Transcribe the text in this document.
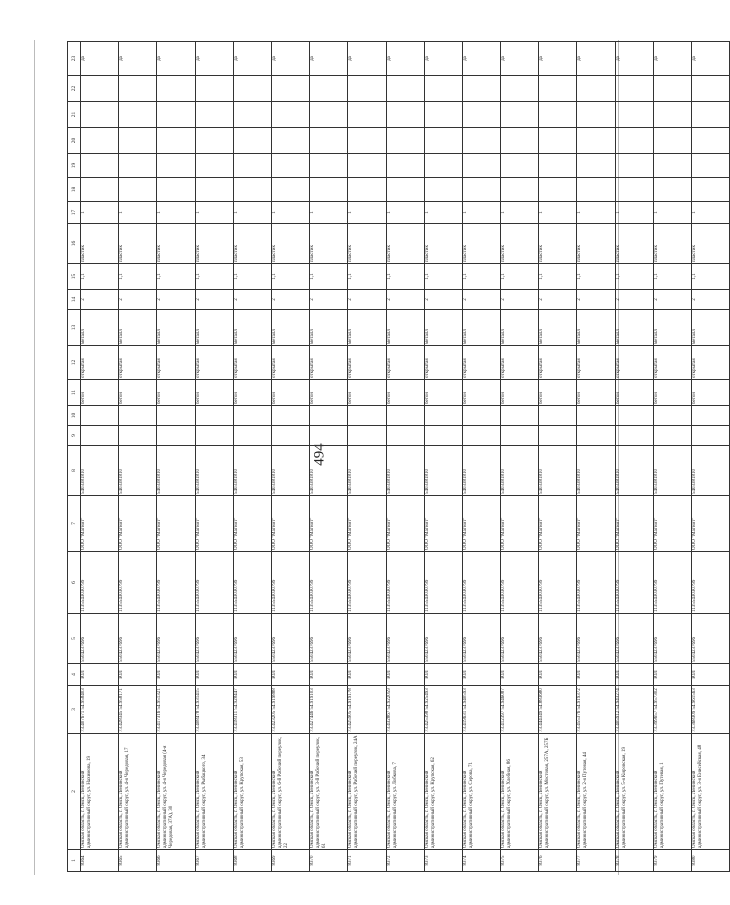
494
1	2	3	4	5	6	7	8	9	10	11	12	13	14	15	16	17	18	19	20	21	22	23
8364	Омская область, г. Омск, Ленинский административный округ, ул. Нахимова, 19	73.407671 54.958403	ЮЛ	5504237696	1135543030799	ООО "Магнит"	5403381810			бетон	открытая	металл	2	1,1	пластик	1						да
8365	Омская область, г. Омск, Ленинский административный округ, ул. 4-я Чередовая, 17	73.428345 54.958171	ЮЛ	5504237696	1135543030799	ООО "Магнит"	5403381810			бетон	открытая	металл	2	1,1	пластик	1						да
8366	Омская область, г. Омск, Ленинский административный округ, ул. 4-я Чередовая (4-я Чередовая, 37A), 30	73.417316 54.951321	ЮЛ	5504237696	1135543030799	ООО "Магнит"	5403381810			бетон	открытая	металл	2	1,1	пластик	1						да
8367	Омская область, г. Омск, Ленинский административный округ, ул. Рыбацкого, 34	73.408478 54.931415	ЮЛ	5504237696	1135543030799	ООО "Магнит"	5403381810			бетон	открытая	металл	2	1,1	пластик	1						да
8368	Омская область, г. Омск, Ленинский административный округ, ул. Крупская, 53	73.418311 54.928447	ЮЛ	5504237696	1135543030799	ООО "Магнит"	5403381810			бетон	открытая	металл	2	1,1	пластик	1						да
8369	Омская область, г. Омск, Ленинский административный округ, ул. 6-й Рабочий переулок, 22	73.423205 54.919888	ЮЛ	5504237696	1135543030799	ООО "Магнит"	5403381810			бетон	открытая	металл	2	1,1	пластик	1						да
8370	Омская область, г. Омск, Ленинский административный округ, ул. 3-й Рабочий переулок, 61	73.427446 54.919103	ЮЛ	5504237696	1135543030799	ООО "Магнит"	5403381810			бетон	открытая	металл	2	1,1	пластик	1						да
8371	Омская область, г. Омск, Ленинский административный округ, ул. Рабочий переулок, 24А	73.425905 54.919178	ЮЛ	5504237696	1135543030799	ООО "Магнит"	5403381810			бетон	открытая	металл	2	1,1	пластик	1						да
8372	Омская область, г. Омск, Ленинский административный округ, ул. Лобкова, 7	73.432867 54.922059	ЮЛ	5504237696	1135543030799	ООО "Магнит"	5403381810			бетон	открытая	металл	2	1,1	пластик	1						да
8373	Омская область, г. Омск, Ленинский административный округ, ул. Крупская, 62	73.425398 54.925493	ЮЛ	5504237696	1135543030799	ООО "Магнит"	5403381810			бетон	открытая	металл	2	1,1	пластик	1						да
8374	Омская область, г. Омск, Ленинский административный округ, ул. Серова, 71	73.419631 54.940593	ЮЛ	5504237696	1135543030799	ООО "Магнит"	5403381810			бетон	открытая	металл	2	1,1	пластик	1						да
8375	Омская область, г. Омск, Ленинский административный округ, ул. Хлебная, 86	73.412397 54.946087	ЮЛ	5504237696	1135543030799	ООО "Магнит"	5403381810			бетон	открытая	металл	2	1,1	пластик	1						да
8376	Омская область, г. Омск, Ленинский административный округ, ул. Мостовая, 257А, 257Б	73.444349 54.883680	ЮЛ	5504237696	1135543030799	ООО "Магнит"	5403381810			бетон	открытая	металл	2	1,1	пластик	1						да
8377	Омская область, г. Омск, Ленинский административный округ, ул. 2-я Путевая, 44	73.455376 54.919372	ЮЛ	5504237696	1135543030799	ООО "Магнит"	5403381810			бетон	открытая	металл	2	1,1	пластик	1						да
8378	Омская область, г. Омск, Ленинский административный округ, ул. 5-я Кировская, 19	73.405912 54.943274	ЮЛ	5504237696	1135543030799	ООО "Магнит"	5403381810			бетон	открытая	металл	2	1,1	пластик	1						да
8379	Омская область, г. Омск, Ленинский административный округ, ул. Путевая, 1	73.399657 54.957302	ЮЛ	5504237696	1135543030799	ООО "Магнит"	5403381810			бетон	открытая	металл	2	1,1	пластик	1						да
8380	Омская область, г. Омск, Ленинский административный округ, ул. 3-я Енисейская, 48	73.368309 54.961563	ЮЛ	5504237696	1135543030799	ООО "Магнит"	5403381810			бетон	открытая	металл	2	1,1	пластик	1						да
